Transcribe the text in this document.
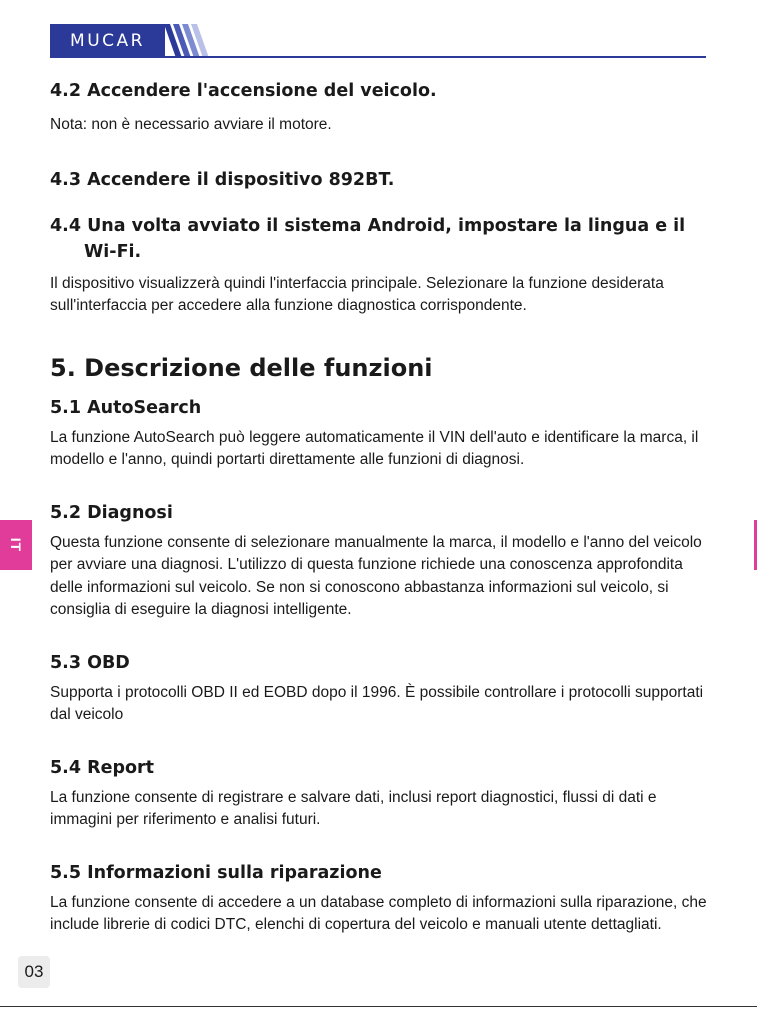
MUCAR
IT
4.2 Accendere l'accensione del veicolo.

Nota: non è necessario avviare il motore.

4.3 Accendere il dispositivo 892BT.
4.4 Una volta avviato il sistema Android, impostare la lingua e il Wi-Fi.

Il dispositivo visualizzerà quindi l'interfaccia principale. Selezionare la funzione desiderata sull'interfaccia per accedere alla funzione diagnostica corrispondente.

5. Descrizione delle funzioni
5.1 AutoSearch

La funzione AutoSearch può leggere automaticamente il VIN dell'auto e identificare la marca, il modello e l'anno, quindi portarti direttamente alle funzioni di diagnosi.

5.2 Diagnosi

Questa funzione consente di selezionare manualmente la marca, il modello e l'anno del veicolo per avviare una diagnosi. L'utilizzo di questa funzione richiede una conoscenza approfondita delle informazioni sul veicolo. Se non si conoscono abbastanza informazioni sul veicolo, si consiglia di eseguire la diagnosi intelligente.

5.3 OBD

Supporta i protocolli OBD II ed EOBD dopo il 1996. È possibile controllare i protocolli supportati dal veicolo

5.4 Report

La funzione consente di registrare e salvare dati, inclusi report diagnostici, flussi di dati e immagini per riferimento e analisi futuri.

5.5 Informazioni sulla riparazione

La funzione consente di accedere a un database completo di informazioni sulla riparazione, che include librerie di codici DTC, elenchi di copertura del veicolo e manuali utente dettagliati.

03
